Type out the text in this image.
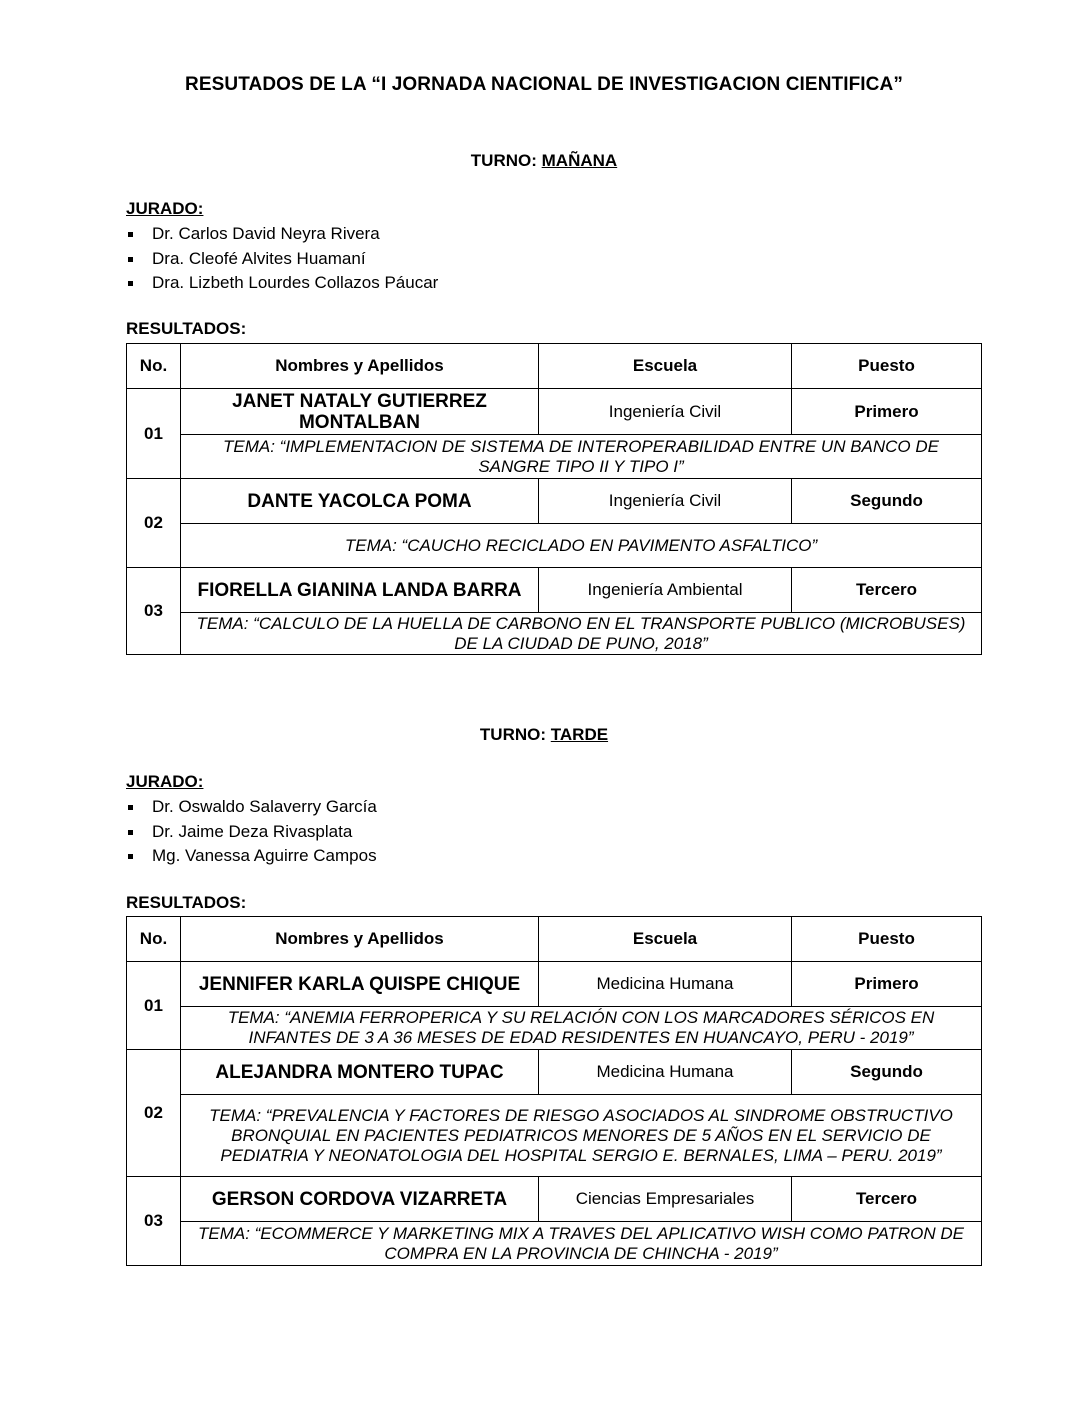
RESUTADOS DE LA “I JORNADA NACIONAL DE INVESTIGACION CIENTIFICA”
TURNO: MAÑANA
JURADO:
Dr. Carlos David Neyra Rivera
Dra. Cleofé Alvites Huamaní
Dra. Lizbeth Lourdes Collazos Páucar
RESULTADOS:
No.	Nombres y Apellidos	Escuela	Puesto
01	JANET NATALY GUTIERREZ MONTALBAN	Ingeniería Civil	Primero
	TEMA: “IMPLEMENTACION DE SISTEMA DE INTEROPERABILIDAD ENTRE UN BANCO DE SANGRE TIPO II Y TIPO I”		
02	DANTE YACOLCA POMA	Ingeniería Civil	Segundo
	TEMA: “CAUCHO RECICLADO EN PAVIMENTO ASFALTICO”		
03	FIORELLA GIANINA LANDA BARRA	Ingeniería Ambiental	Tercero
	TEMA: “CALCULO DE LA HUELLA DE CARBONO EN EL TRANSPORTE PUBLICO (MICROBUSES) DE LA CIUDAD DE PUNO, 2018”		
TURNO: TARDE
JURADO:
Dr. Oswaldo Salaverry García
Dr. Jaime Deza Rivasplata
Mg. Vanessa Aguirre Campos
RESULTADOS:
No.	Nombres y Apellidos	Escuela	Puesto
01	JENNIFER KARLA QUISPE CHIQUE	Medicina Humana	Primero
	TEMA: “ANEMIA FERROPERICA Y SU RELACIÓN CON LOS MARCADORES SÉRICOS EN INFANTES DE 3 A 36 MESES DE EDAD RESIDENTES EN HUANCAYO, PERU - 2019”		
02	ALEJANDRA MONTERO TUPAC	Medicina Humana	Segundo
	TEMA: “PREVALENCIA Y FACTORES DE RIESGO ASOCIADOS AL SINDROME OBSTRUCTIVO BRONQUIAL EN PACIENTES PEDIATRICOS MENORES DE 5 AÑOS EN EL SERVICIO DE PEDIATRIA Y NEONATOLOGIA DEL HOSPITAL SERGIO E. BERNALES, LIMA – PERU. 2019”		
03	GERSON CORDOVA VIZARRETA	Ciencias Empresariales	Tercero
	TEMA: “ECOMMERCE Y MARKETING MIX A TRAVES DEL APLICATIVO WISH COMO PATRON DE COMPRA EN LA PROVINCIA DE CHINCHA - 2019”		
